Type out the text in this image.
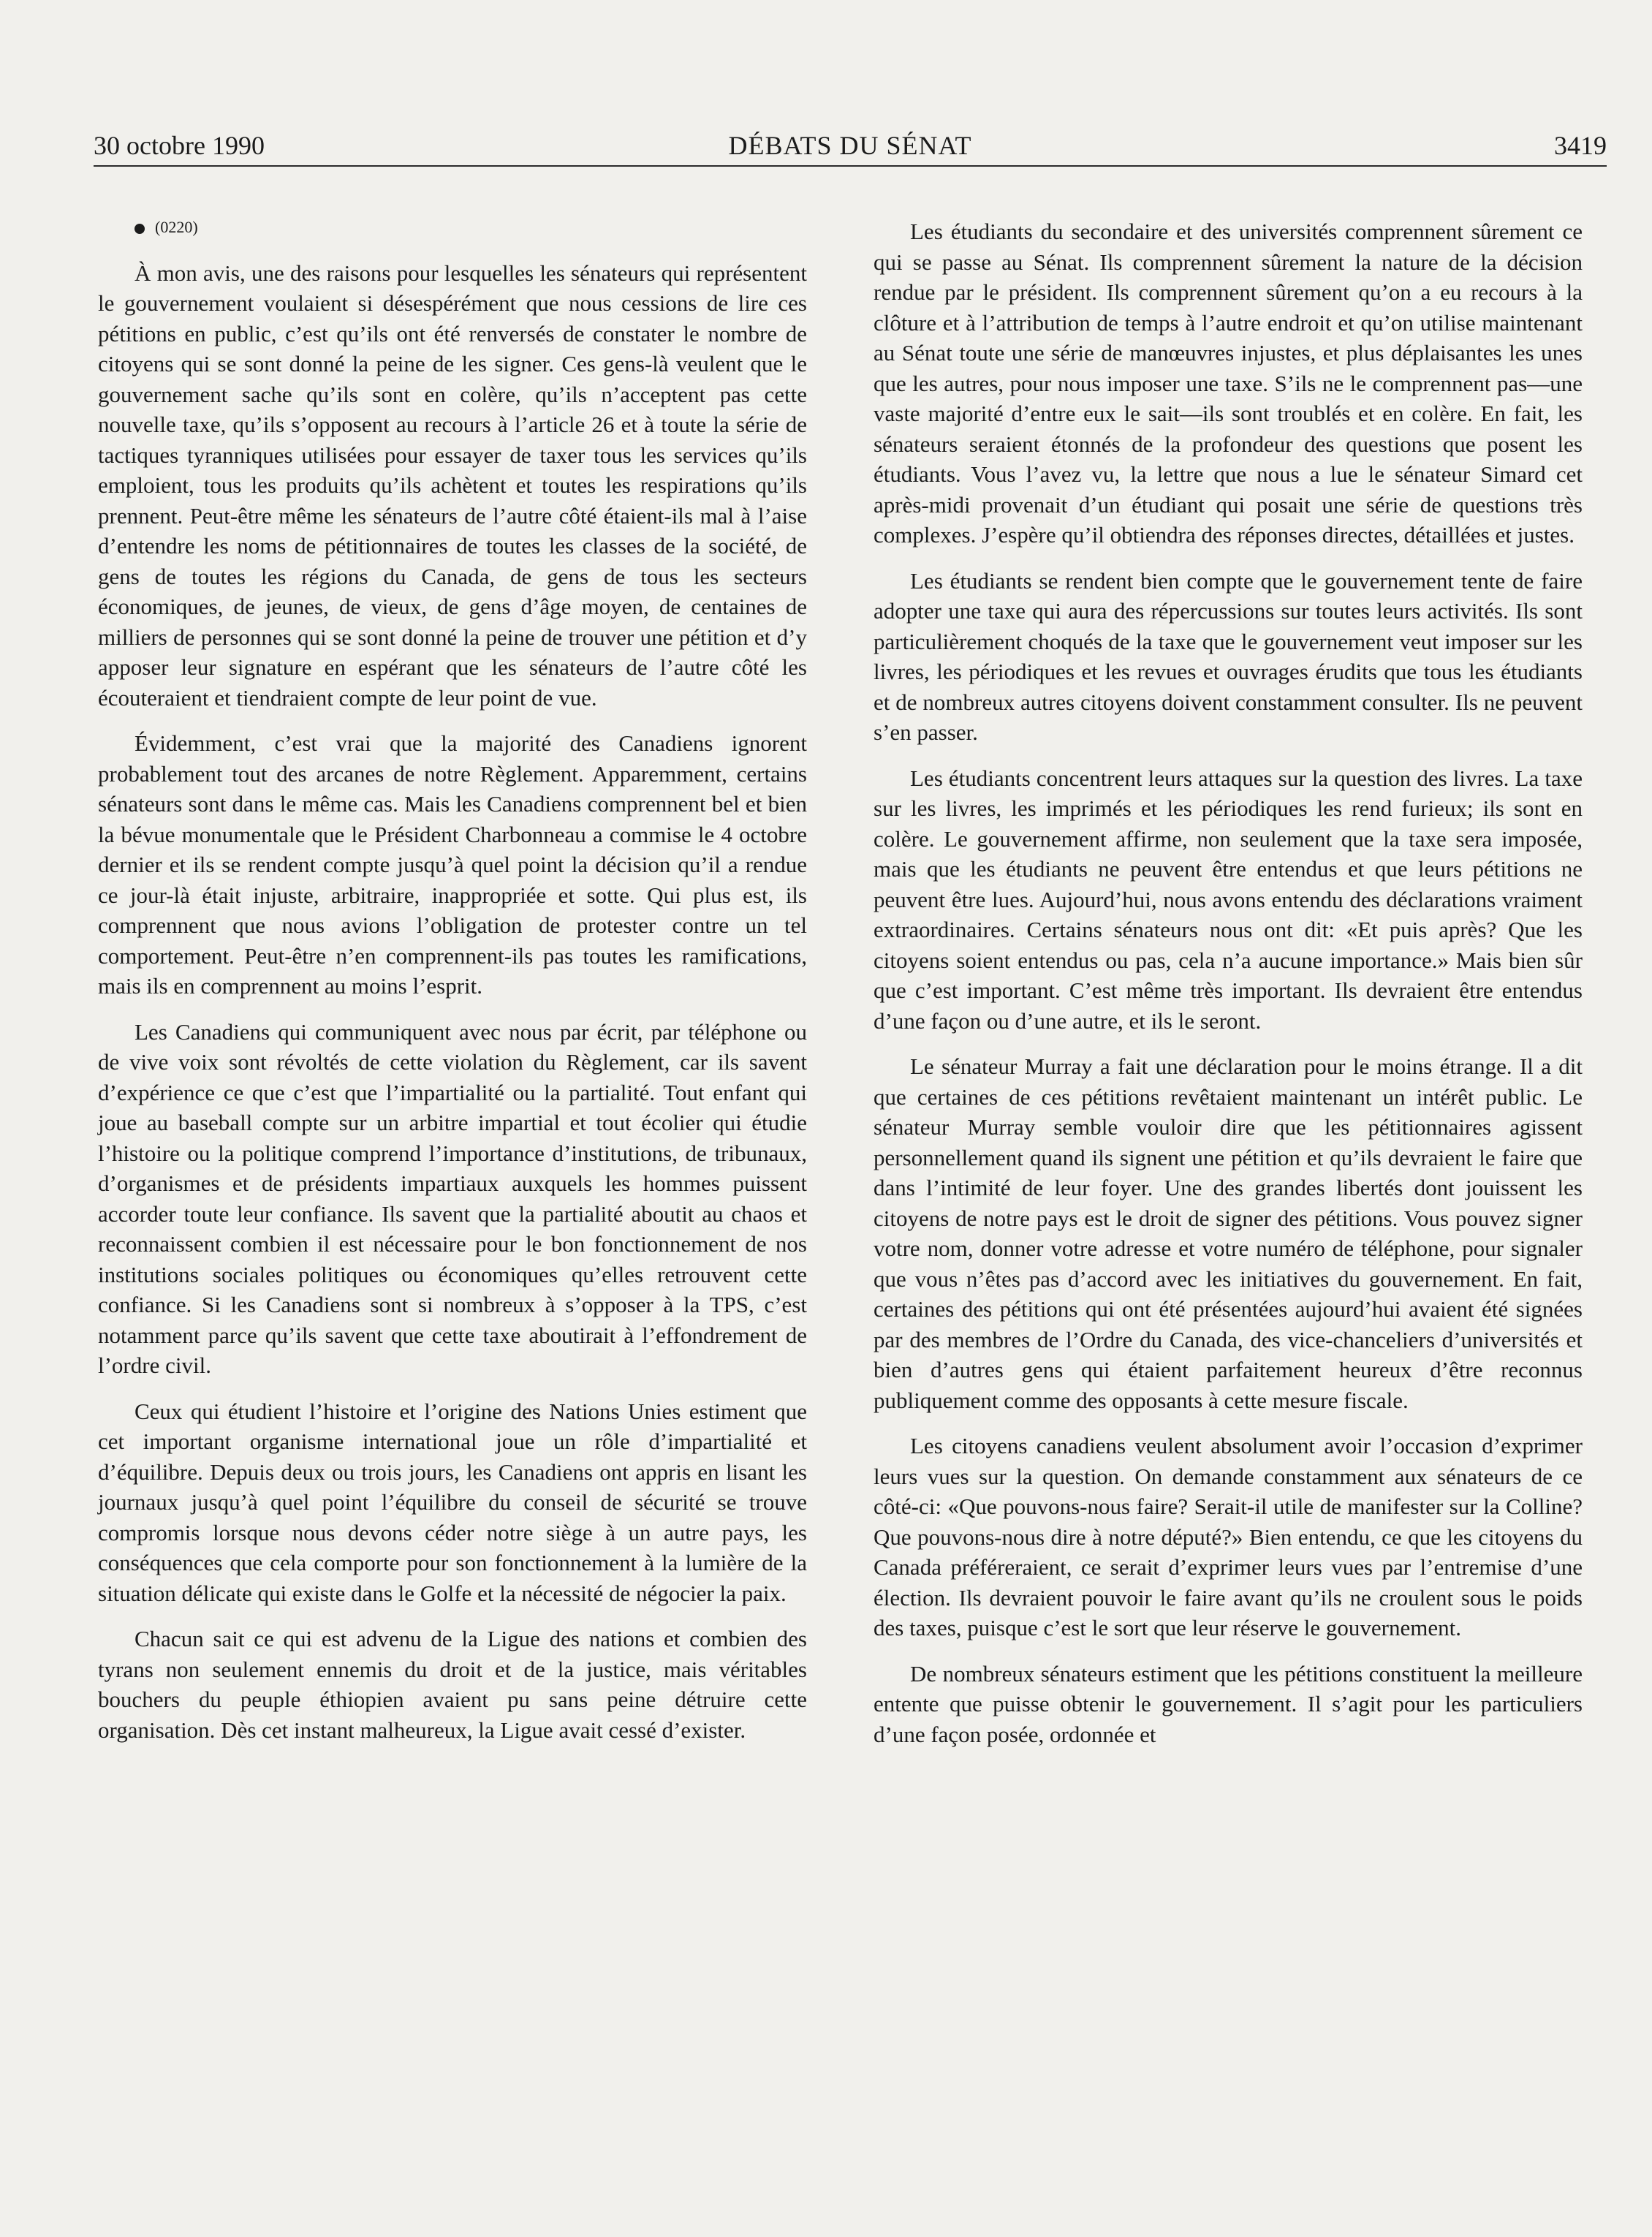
30 octobre 1990	DÉBATS DU SÉNAT	3419

(0220)

À mon avis, une des raisons pour lesquelles les sénateurs qui représentent le gouvernement voulaient si désespérément que nous cessions de lire ces pétitions en public, c’est qu’ils ont été renversés de constater le nombre de citoyens qui se sont donné la peine de les signer. Ces gens-là veulent que le gouvernement sache qu’ils sont en colère, qu’ils n’acceptent pas cette nouvelle taxe, qu’ils s’opposent au recours à l’article 26 et à toute la série de tactiques tyranniques utilisées pour essayer de taxer tous les services qu’ils emploient, tous les produits qu’ils achètent et toutes les respirations qu’ils prennent. Peut-être même les sénateurs de l’autre côté étaient-ils mal à l’aise d’entendre les noms de pétitionnaires de toutes les classes de la société, de gens de toutes les régions du Canada, de gens de tous les secteurs économiques, de jeunes, de vieux, de gens d’âge moyen, de centaines de milliers de personnes qui se sont donné la peine de trouver une pétition et d’y apposer leur signature en espérant que les sénateurs de l’autre côté les écouteraient et tiendraient compte de leur point de vue.

Évidemment, c’est vrai que la majorité des Canadiens ignorent probablement tout des arcanes de notre Règlement. Apparemment, certains sénateurs sont dans le même cas. Mais les Canadiens comprennent bel et bien la bévue monumentale que le Président Charbonneau a commise le 4 octobre dernier et ils se rendent compte jusqu’à quel point la décision qu’il a rendue ce jour-là était injuste, arbitraire, inappropriée et sotte. Qui plus est, ils comprennent que nous avions l’obligation de protester contre un tel comportement. Peut-être n’en comprennent-ils pas toutes les ramifications, mais ils en comprennent au moins l’esprit.

Les Canadiens qui communiquent avec nous par écrit, par téléphone ou de vive voix sont révoltés de cette violation du Règlement, car ils savent d’expérience ce que c’est que l’impartialité ou la partialité. Tout enfant qui joue au baseball compte sur un arbitre impartial et tout écolier qui étudie l’histoire ou la politique comprend l’importance d’institutions, de tribunaux, d’organismes et de présidents impartiaux auxquels les hommes puissent accorder toute leur confiance. Ils savent que la partialité aboutit au chaos et reconnaissent combien il est nécessaire pour le bon fonctionnement de nos institutions sociales politiques ou économiques qu’elles retrouvent cette confiance. Si les Canadiens sont si nombreux à s’opposer à la TPS, c’est notamment parce qu’ils savent que cette taxe aboutirait à l’effondrement de l’ordre civil.

Ceux qui étudient l’histoire et l’origine des Nations Unies estiment que cet important organisme international joue un rôle d’impartialité et d’équilibre. Depuis deux ou trois jours, les Canadiens ont appris en lisant les journaux jusqu’à quel point l’équilibre du conseil de sécurité se trouve compromis lorsque nous devons céder notre siège à un autre pays, les conséquences que cela comporte pour son fonctionnement à la lumière de la situation délicate qui existe dans le Golfe et la nécessité de négocier la paix.

Chacun sait ce qui est advenu de la Ligue des nations et combien des tyrans non seulement ennemis du droit et de la justice, mais véritables bouchers du peuple éthiopien avaient pu sans peine détruire cette organisation. Dès cet instant malheureux, la Ligue avait cessé d’exister.

Les étudiants du secondaire et des universités comprennent sûrement ce qui se passe au Sénat. Ils comprennent sûrement la nature de la décision rendue par le président. Ils comprennent sûrement qu’on a eu recours à la clôture et à l’attribution de temps à l’autre endroit et qu’on utilise maintenant au Sénat toute une série de manœuvres injustes, et plus déplaisantes les unes que les autres, pour nous imposer une taxe. S’ils ne le comprennent pas—une vaste majorité d’entre eux le sait—ils sont troublés et en colère. En fait, les sénateurs seraient étonnés de la profondeur des questions que posent les étudiants. Vous l’avez vu, la lettre que nous a lue le sénateur Simard cet après-midi provenait d’un étudiant qui posait une série de questions très complexes. J’espère qu’il obtiendra des réponses directes, détaillées et justes.

Les étudiants se rendent bien compte que le gouvernement tente de faire adopter une taxe qui aura des répercussions sur toutes leurs activités. Ils sont particulièrement choqués de la taxe que le gouvernement veut imposer sur les livres, les périodiques et les revues et ouvrages érudits que tous les étudiants et de nombreux autres citoyens doivent constamment consulter. Ils ne peuvent s’en passer.

Les étudiants concentrent leurs attaques sur la question des livres. La taxe sur les livres, les imprimés et les périodiques les rend furieux; ils sont en colère. Le gouvernement affirme, non seulement que la taxe sera imposée, mais que les étudiants ne peuvent être entendus et que leurs pétitions ne peuvent être lues. Aujourd’hui, nous avons entendu des déclarations vraiment extraordinaires. Certains sénateurs nous ont dit: «Et puis après? Que les citoyens soient entendus ou pas, cela n’a aucune importance.» Mais bien sûr que c’est important. C’est même très important. Ils devraient être entendus d’une façon ou d’une autre, et ils le seront.

Le sénateur Murray a fait une déclaration pour le moins étrange. Il a dit que certaines de ces pétitions revêtaient maintenant un intérêt public. Le sénateur Murray semble vouloir dire que les pétitionnaires agissent personnellement quand ils signent une pétition et qu’ils devraient le faire que dans l’intimité de leur foyer. Une des grandes libertés dont jouissent les citoyens de notre pays est le droit de signer des pétitions. Vous pouvez signer votre nom, donner votre adresse et votre numéro de téléphone, pour signaler que vous n’êtes pas d’accord avec les initiatives du gouvernement. En fait, certaines des pétitions qui ont été présentées aujourd’hui avaient été signées par des membres de l’Ordre du Canada, des vice-chanceliers d’universités et bien d’autres gens qui étaient parfaitement heureux d’être reconnus publiquement comme des opposants à cette mesure fiscale.

Les citoyens canadiens veulent absolument avoir l’occasion d’exprimer leurs vues sur la question. On demande constamment aux sénateurs de ce côté-ci: «Que pouvons-nous faire? Serait-il utile de manifester sur la Colline? Que pouvons-nous dire à notre député?» Bien entendu, ce que les citoyens du Canada préféreraient, ce serait d’exprimer leurs vues par l’entremise d’une élection. Ils devraient pouvoir le faire avant qu’ils ne croulent sous le poids des taxes, puisque c’est le sort que leur réserve le gouvernement.

De nombreux sénateurs estiment que les pétitions constituent la meilleure entente que puisse obtenir le gouvernement. Il s’agit pour les particuliers d’une façon posée, ordonnée et
